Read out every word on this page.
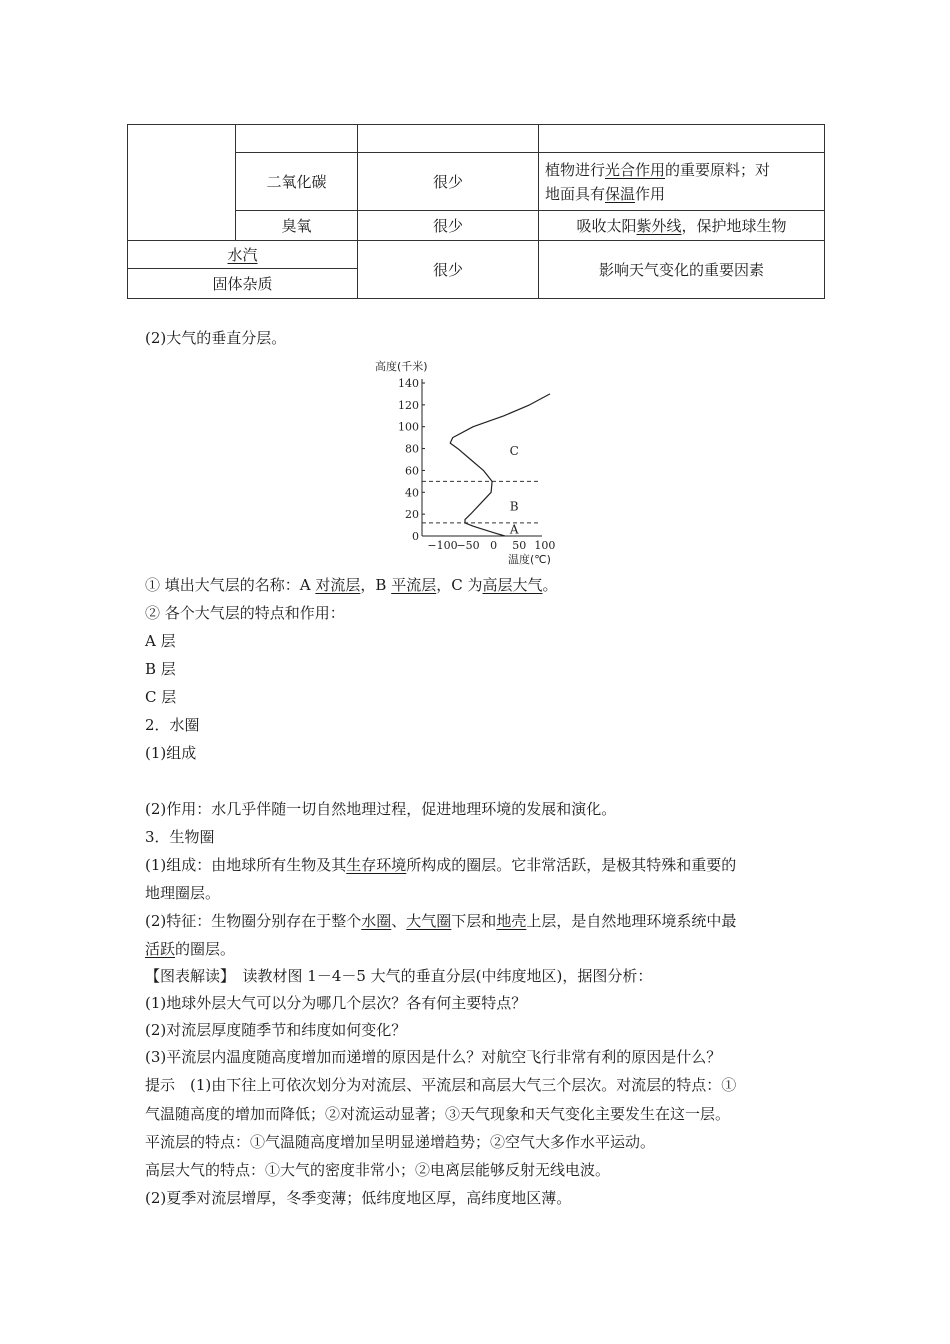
	二氧化碳	很少	植物进行光合作用的重要原料；对
地面具有保温作用
	臭氧	很少	吸收太阳紫外线，保护地球生物
水汽		很少	影响天气变化的重要因素
固体杂质			
(2)大气的垂直分层。
高度(千米)
温度(℃)
140
120
100
80
60
40
20
0
−100
−50 0 50 100
A
B
C
① 填出大气层的名称：A 对流层，B 平流层，C 为高层大气。
② 各个大气层的特点和作用：
A 层
B 层
C 层
2．水圈
(1)组成
(2)作用：水几乎伴随一切自然地理过程，促进地理环境的发展和演化。
3．生物圈
(1)组成：由地球所有生物及其生存环境所构成的圈层。它非常活跃，是极其特殊和重要的
地理圈层。
(2)特征：生物圈分别存在于整个水圈、大气圈下层和地壳上层，是自然地理环境系统中最
活跃的圈层。
【图表解读】　读教材图 1－4－5 大气的垂直分层(中纬度地区)，据图分析：
(1)地球外层大气可以分为哪几个层次？各有何主要特点？
(2)对流层厚度随季节和纬度如何变化？
(3)平流层内温度随高度增加而递增的原因是什么？对航空飞行非常有利的原因是什么？
提示　(1)由下往上可依次划分为对流层、平流层和高层大气三个层次。对流层的特点：①
气温随高度的增加而降低；②对流运动显著；③天气现象和天气变化主要发生在这一层。
平流层的特点：①气温随高度增加呈明显递增趋势；②空气大多作水平运动。
高层大气的特点：①大气的密度非常小；②电离层能够反射无线电波。
(2)夏季对流层增厚，冬季变薄；低纬度地区厚，高纬度地区薄。
